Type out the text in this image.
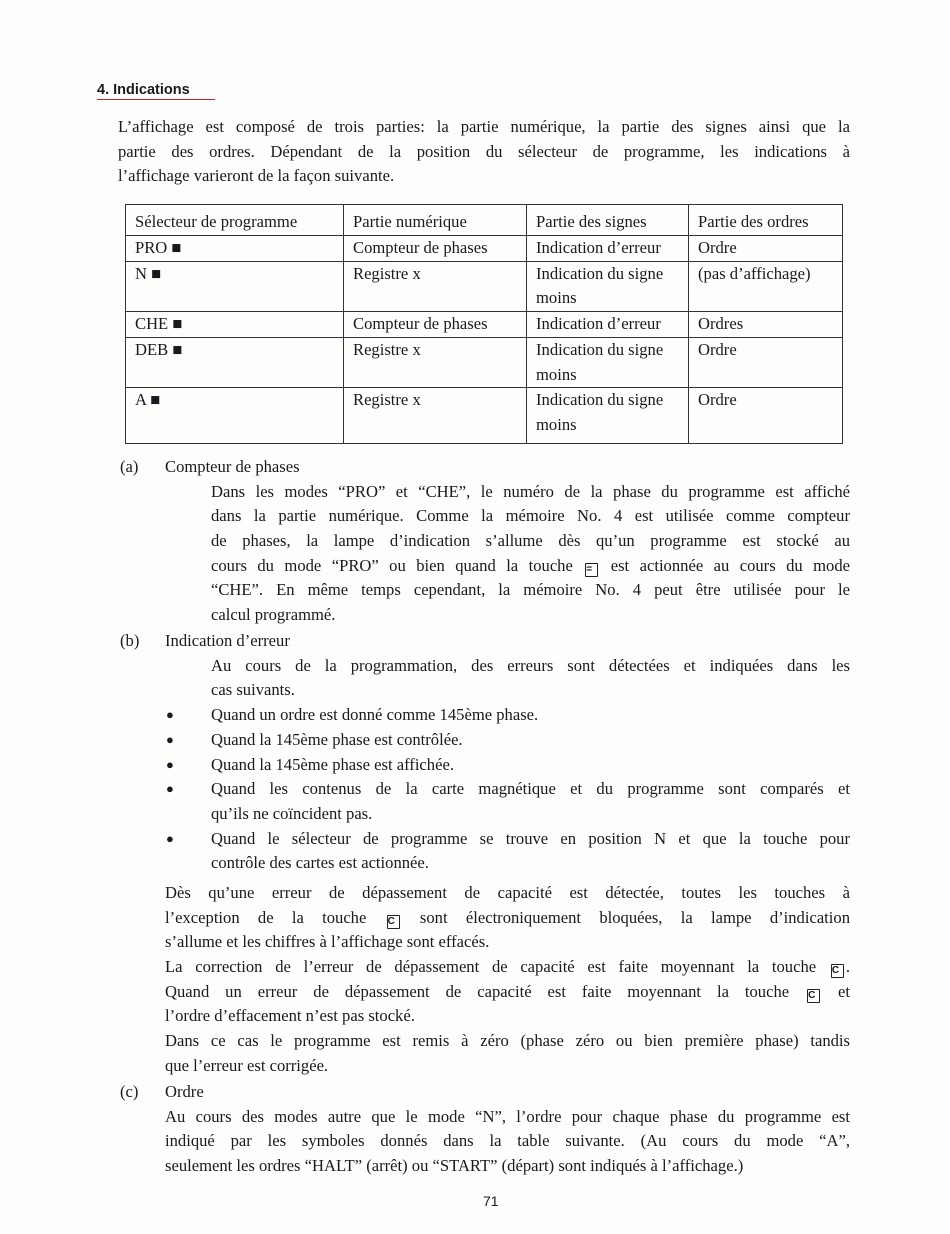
4. Indications
L’affichage est composé de trois parties: la partie numérique, la partie des signes ainsi que la
partie des ordres. Dépendant de la position du sélecteur de programme, les indications à
l’affichage varieront de la façon suivante.
Sélecteur de programme	Partie numérique	Partie des signes	Partie des ordres
PRO ■	Compteur de phases	Indication d’erreur	Ordre
N ■	Registre x	Indication du signe
moins	(pas d’affichage)
CHE ■	Compteur de phases	Indication d’erreur	Ordres
DEB ■	Registre x	Indication du signe
moins	Ordre
A ■	Registre x	Indication du signe
moins	Ordre
(a) Compteur de phases
Dans les modes “PRO” et “CHE”, le numéro de la phase du programme est affiché
dans la partie numérique. Comme la mémoire No. 4 est utilisée comme compteur
de phases, la lampe d’indication s’allume dès qu’un programme est stocké au
cours du mode “PRO” ou bien quand la touche = est actionnée au cours du mode
“CHE”. En même temps cependant, la mémoire No. 4 peut être utilisée pour le
calcul programmé.
(b) Indication d’erreur
Au cours de la programmation, des erreurs sont détectées et indiquées dans les
cas suivants.
● Quand un ordre est donné comme 145ème phase.
● Quand la 145ème phase est contrôlée.
● Quand la 145ème phase est affichée.
● Quand les contenus de la carte magnétique et du programme sont comparés et
qu’ils ne coïncident pas.
● Quand le sélecteur de programme se trouve en position N et que la touche pour
contrôle des cartes est actionnée.
Dès qu’une erreur de dépassement de capacité est détectée, toutes les touches à
l’exception de la touche C sont électroniquement bloquées, la lampe d’indication
s’allume et les chiffres à l’affichage sont effacés.
La correction de l’erreur de dépassement de capacité est faite moyennant la touche C .
Quand un erreur de dépassement de capacité est faite moyennant la touche C et
l’ordre d’effacement n’est pas stocké.
Dans ce cas le programme est remis à zéro (phase zéro ou bien première phase) tandis
que l’erreur est corrigée.
(c) Ordre
Au cours des modes autre que le mode “N”, l’ordre pour chaque phase du programme est
indiqué par les symboles donnés dans la table suivante. (Au cours du mode “A”,
seulement les ordres “HALT” (arrêt) ou “START” (départ) sont indiqués à l’affichage.)
71
